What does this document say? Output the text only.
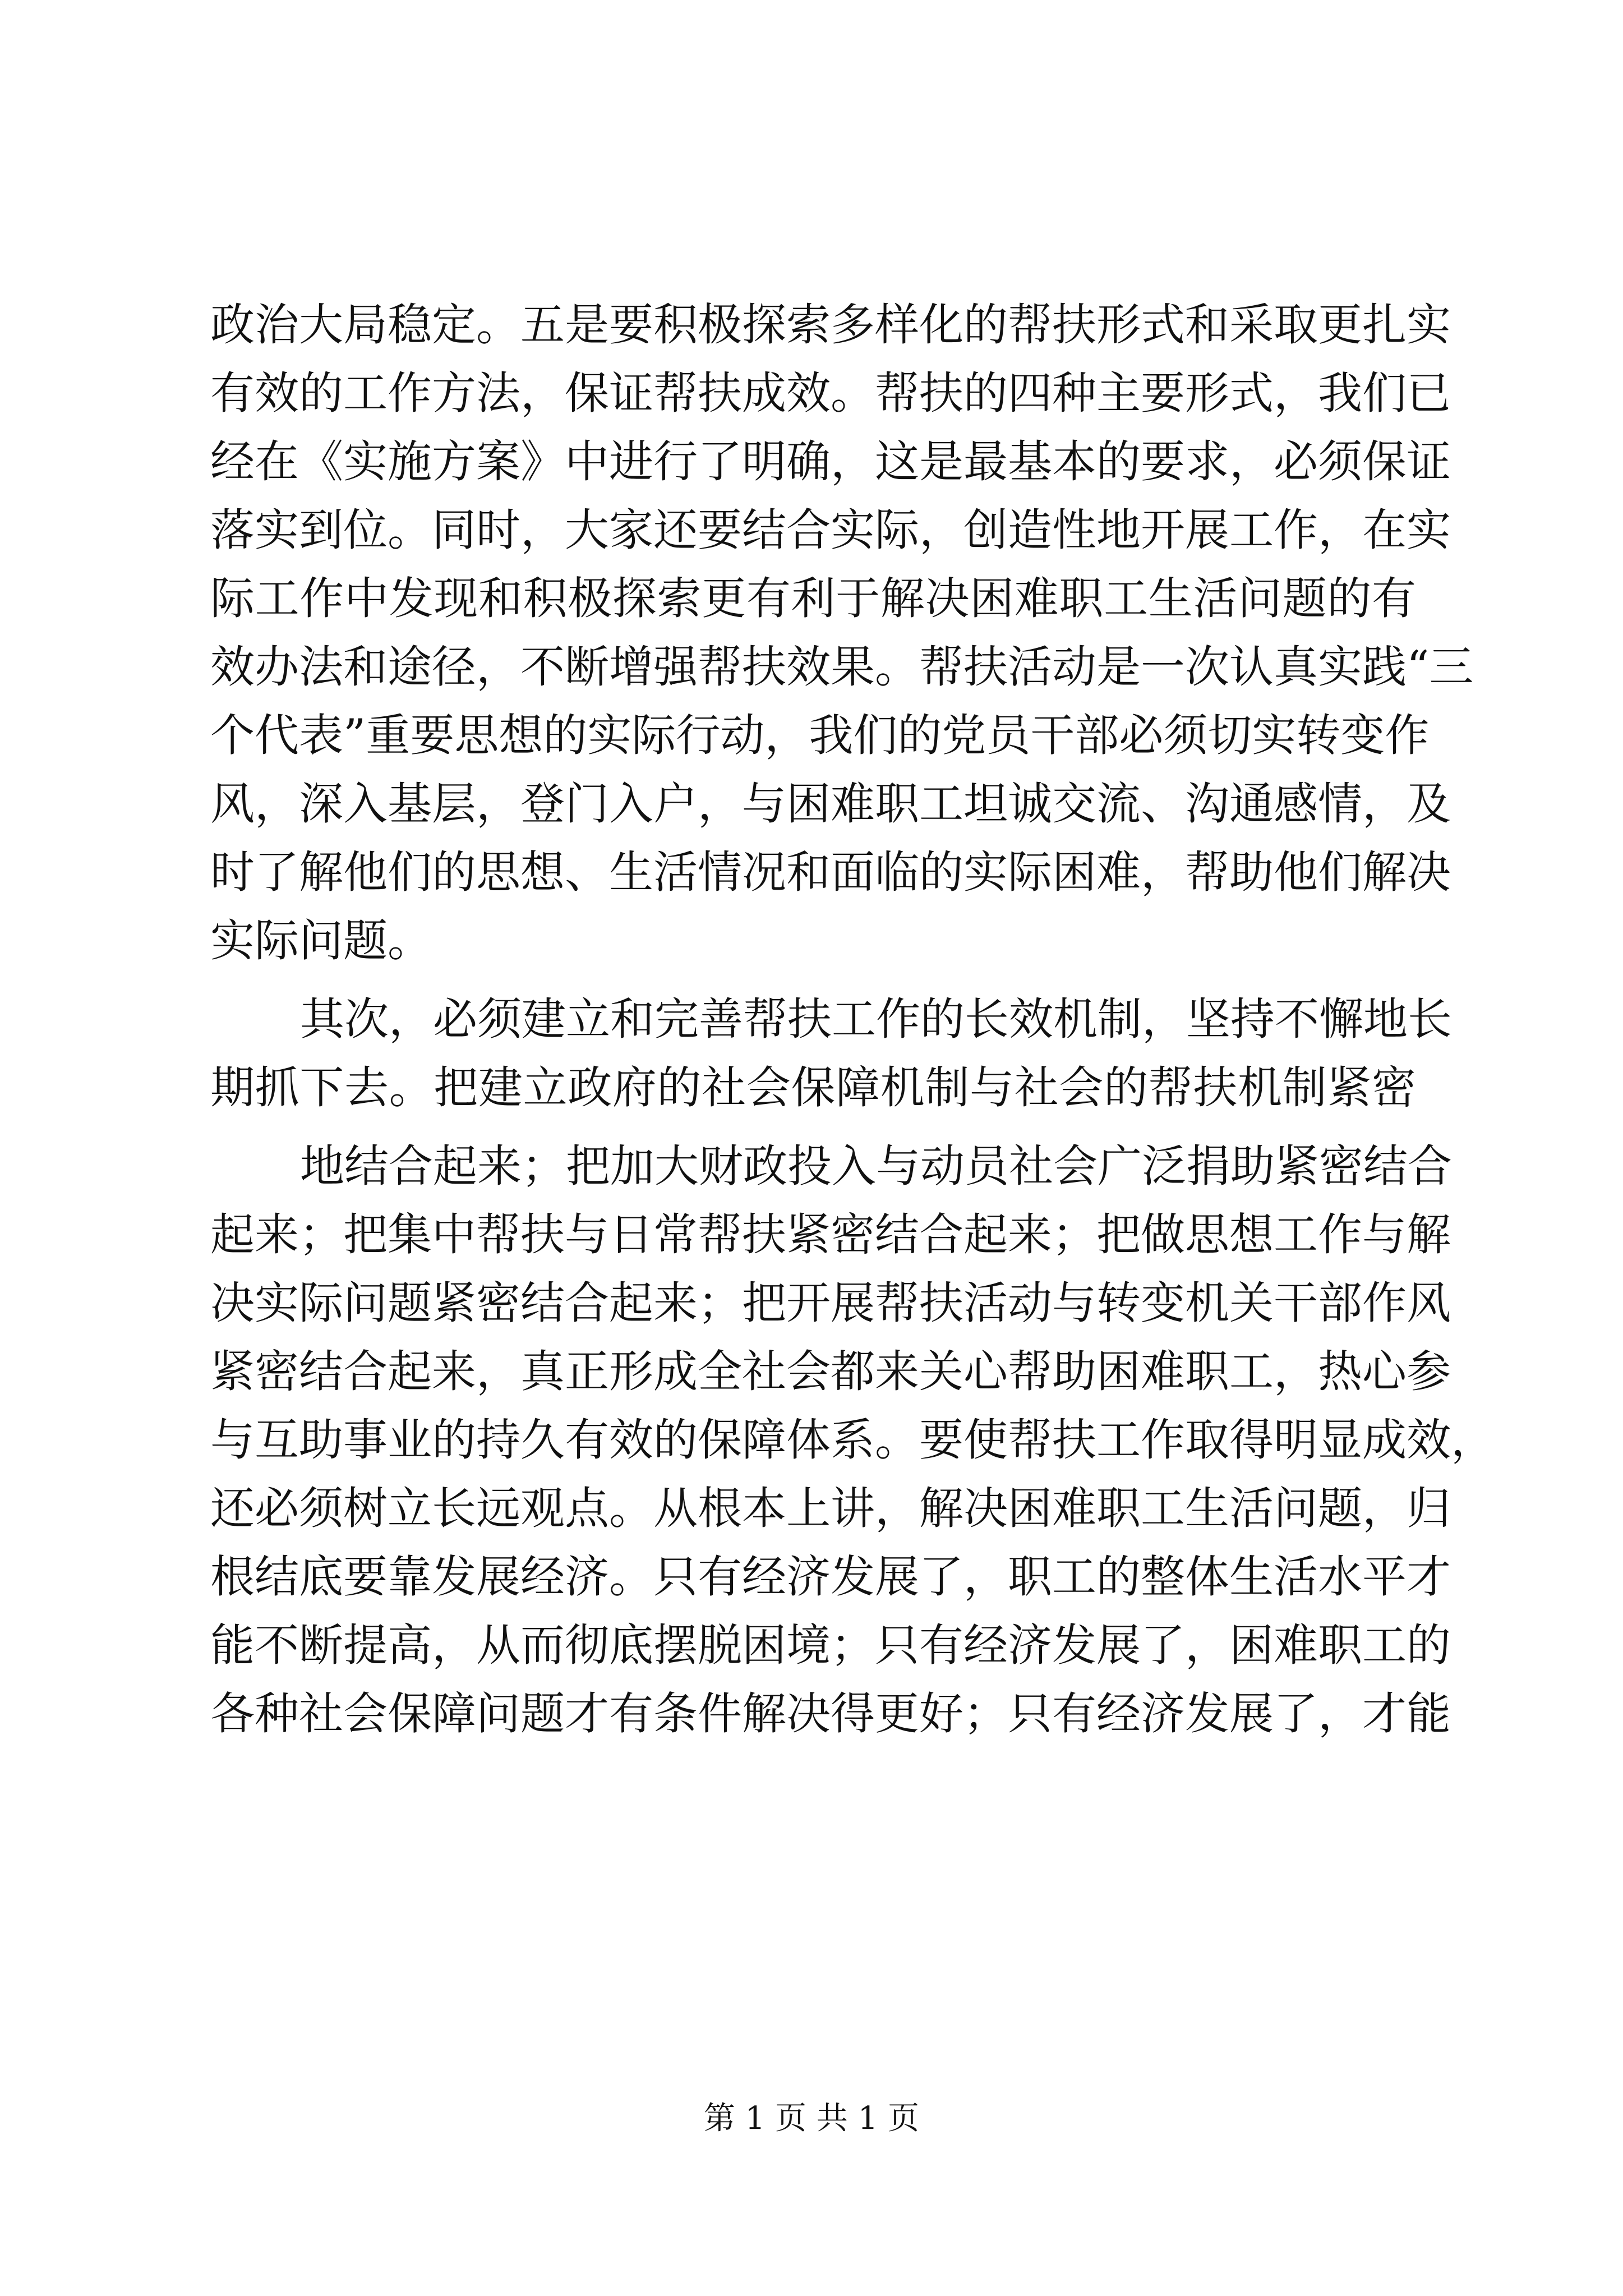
政治大局稳定。五是要积极探索多样化的帮扶形式和采取更扎实
有效的工作方法，保证帮扶成效。帮扶的四种主要形式，我们已
经在《实施方案》中进行了明确，这是最基本的要求，必须保证
落实到位。同时，大家还要结合实际，创造性地开展工作，在实
际工作中发现和积极探索更有利于解决困难职工生活问题的有
效办法和途径，不断增强帮扶效果。帮扶活动是一次认真实践“三
个代表”重要思想的实际行动，我们的党员干部必须切实转变作
风，深入基层，登门入户，与困难职工坦诚交流、沟通感情，及
时了解他们的思想、生活情况和面临的实际困难，帮助他们解决
实际问题。
其次，必须建立和完善帮扶工作的长效机制，坚持不懈地长
期抓下去。把建立政府的社会保障机制与社会的帮扶机制紧密
地结合起来；把加大财政投入与动员社会广泛捐助紧密结合
起来；把集中帮扶与日常帮扶紧密结合起来；把做思想工作与解
决实际问题紧密结合起来；把开展帮扶活动与转变机关干部作风
紧密结合起来，真正形成全社会都来关心帮助困难职工，热心参
与互助事业的持久有效的保障体系。要使帮扶工作取得明显成效，
还必须树立长远观点。从根本上讲，解决困难职工生活问题，归
根结底要靠发展经济。只有经济发展了，职工的整体生活水平才
能不断提高，从而彻底摆脱困境；只有经济发展了，困难职工的
各种社会保障问题才有条件解决得更好；只有经济发展了，才能
第 1 页 共 1 页
